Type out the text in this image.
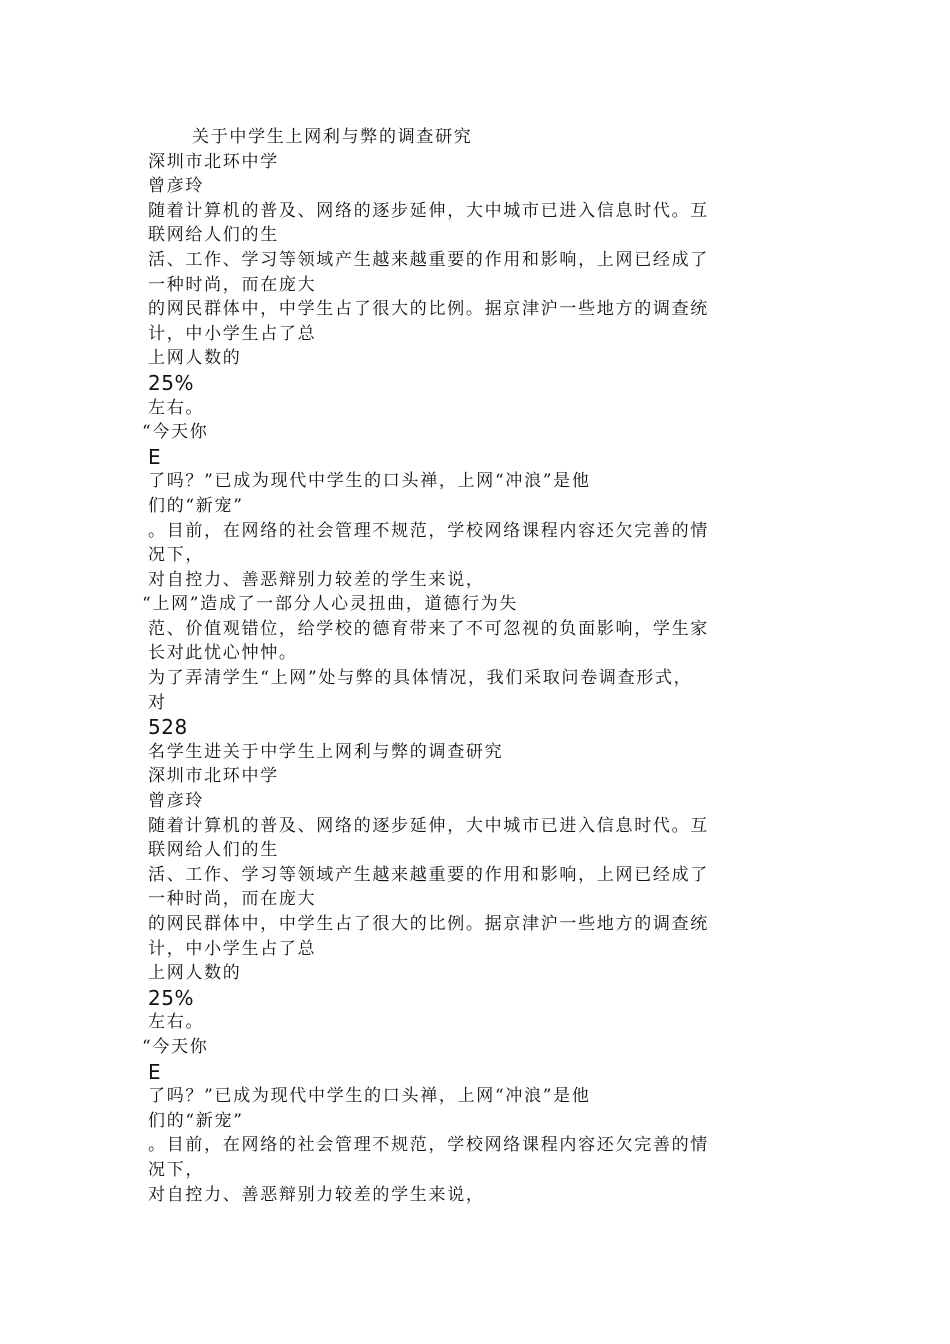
关于中学生上网利与弊的调查研究

深圳市北环中学

曾彦玲

随着计算机的普及、网络的逐步延伸，大中城市已进入信息时代。互

联网给人们的生

活、工作、学习等领域产生越来越重要的作用和影响，上网已经成了

一种时尚，而在庞大

的网民群体中，中学生占了很大的比例。据京津沪一些地方的调查统

计，中小学生占了总

上网人数的

25%

左右。

“今天你

E

了吗？”已成为现代中学生的口头禅，上网“冲浪”是他

们的“新宠”

。目前，在网络的社会管理不规范，学校网络课程内容还欠完善的情

况下，

对自控力、善恶辩别力较差的学生来说，

“上网”造成了一部分人心灵扭曲，道德行为失

范、价值观错位，给学校的德育带来了不可忽视的负面影响，学生家

长对此忧心忡忡。

为了弄清学生“上网”处与弊的具体情况，我们采取问卷调查形式，

对

528

名学生进关于中学生上网利与弊的调查研究

深圳市北环中学

曾彦玲

随着计算机的普及、网络的逐步延伸，大中城市已进入信息时代。互

联网给人们的生

活、工作、学习等领域产生越来越重要的作用和影响，上网已经成了

一种时尚，而在庞大

的网民群体中，中学生占了很大的比例。据京津沪一些地方的调查统

计，中小学生占了总

上网人数的

25%

左右。

“今天你

E

了吗？”已成为现代中学生的口头禅，上网“冲浪”是他

们的“新宠”

。目前，在网络的社会管理不规范，学校网络课程内容还欠完善的情

况下，

对自控力、善恶辩别力较差的学生来说，
